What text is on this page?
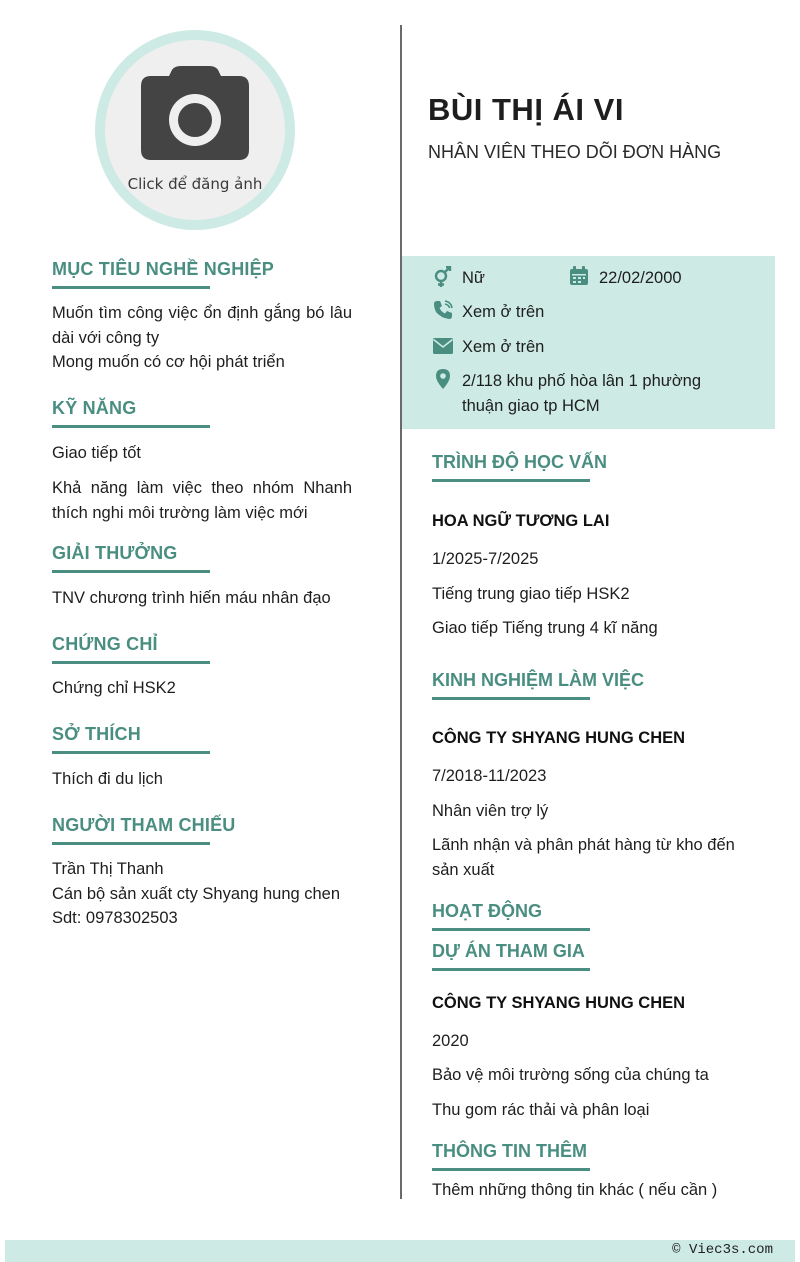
Click để đăng ảnh
BÙI THỊ ÁI VI
NHÂN VIÊN THEO DÕI ĐƠN HÀNG
MỤC TIÊU NGHỀ NGHIỆP
Muốn tìm công việc ổn định gắng bó lâu dài với công ty
Mong muốn có cơ hội phát triển
KỸ NĂNG
Giao tiếp tốt
Khả năng làm việc theo nhóm Nhanh thích nghi môi trường làm việc mới
GIẢI THƯỞNG
TNV chương trình hiến máu nhân đạo
CHỨNG CHỈ
Chứng chỉ HSK2
SỞ THÍCH
Thích đi du lịch
NGƯỜI THAM CHIẾU
Trần Thị Thanh
Cán bộ sản xuất cty Shyang hung chen
Sdt: 0978302503
Nữ	22/02/2000
Xem ở trên
Xem ở trên
2/118 khu phố hòa lân 1 phường
thuận giao tp HCM
TRÌNH ĐỘ HỌC VẤN
HOA NGỮ TƯƠNG LAI
1/2025-7/2025
Tiếng trung giao tiếp HSK2
Giao tiếp Tiếng trung 4 kĩ năng
KINH NGHIỆM LÀM VIỆC
CÔNG TY SHYANG HUNG CHEN
7/2018-11/2023
Nhân viên trợ lý
Lãnh nhận và phân phát hàng từ kho đến sản xuất
HOẠT ĐỘNG
DỰ ÁN THAM GIA
CÔNG TY SHYANG HUNG CHEN
2020
Bảo vệ môi trường sống của chúng ta
Thu gom rác thải và phân loại
THÔNG TIN THÊM
Thêm những thông tin khác ( nếu cần )
© Viec3s.com
